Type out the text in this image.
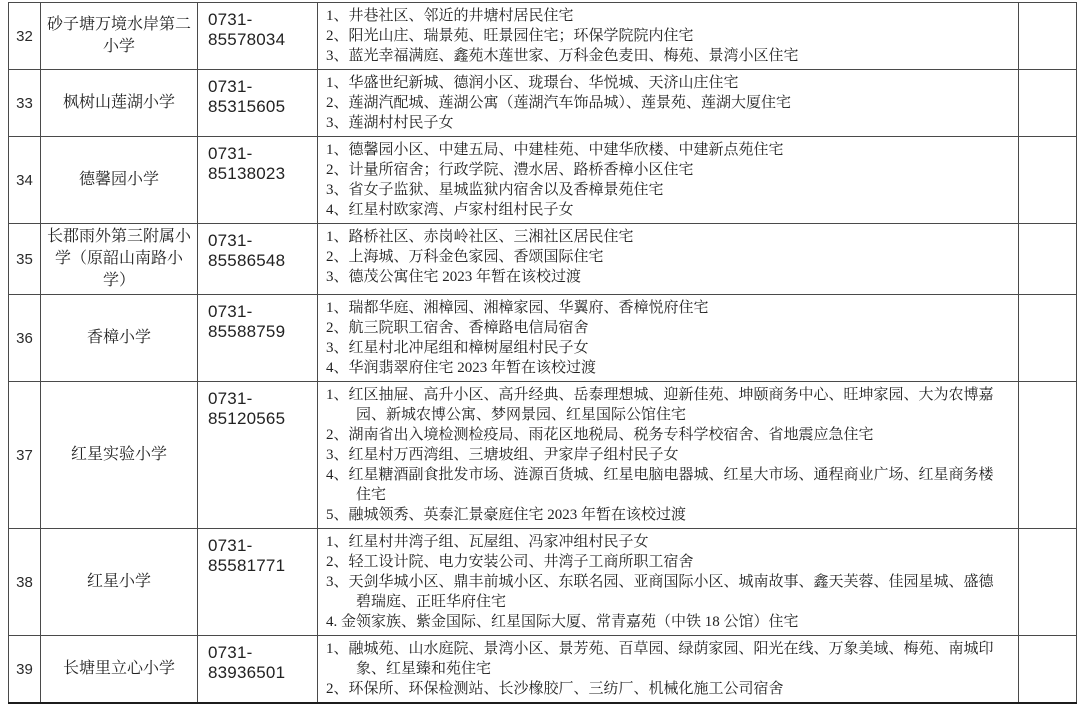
32	砂子塘万境水岸第二小学	0731-85578034	1、井巷社区、邻近的井塘村居民住宅
2、阳光山庄、瑞景苑、旺景园住宅；环保学院院内住宅
3、蓝光幸福满庭、鑫苑木莲世家、万科金色麦田、梅苑、景湾小区住宅	

33	枫树山莲湖小学	0731-85315605	1、华盛世纪新城、德润小区、珑璟台、华悦城、天济山庄住宅
2、莲湖汽配城、莲湖公寓（莲湖汽车饰品城）、莲景苑、莲湖大厦住宅
3、莲湖村村民子女	

34	德馨园小学	0731-85138023	1、德馨园小区、中建五局、中建桂苑、中建华欣楼、中建新点苑住宅
2、计量所宿舍；行政学院、澧水居、路桥香樟小区住宅
3、省女子监狱、星城监狱内宿舍以及香樟景苑住宅
4、红星村欧家湾、卢家村组村民子女	

35	长郡雨外第三附属小学（原韶山南路小学）	0731-85586548	1、路桥社区、赤岗岭社区、三湘社区居民住宅
2、上海城、万科金色家园、香颂国际住宅
3、德茂公寓住宅 2023 年暂在该校过渡	

36	香樟小学	0731-85588759	1、瑞都华庭、湘樟园、湘樟家园、华翼府、香樟悦府住宅
2、航三院职工宿舍、香樟路电信局宿舍
3、红星村北冲尾组和樟树屋组村民子女
4、华润翡翠府住宅 2023 年暂在该校过渡	

37	红星实验小学	0731-85120565	1、红区抽屉、高升小区、高升经典、岳泰理想城、迎新佳苑、坤颐商务中心、旺坤家园、大为农博嘉园、新城农博公寓、梦网景园、红星国际公馆住宅
2、湖南省出入境检测检疫局、雨花区地税局、税务专科学校宿舍、省地震应急住宅
3、红星村万西湾组、三塘坡组、尹家岸子组村民子女
4、红星糖酒副食批发市场、涟源百货城、红星电脑电器城、红星大市场、通程商业广场、红星商务楼住宅
5、融城领秀、英泰汇景豪庭住宅 2023 年暂在该校过渡	

38	红星小学	0731-85581771	1、红星村井湾子组、瓦屋组、冯家冲组村民子女
2、轻工设计院、电力安装公司、井湾子工商所职工宿舍
3、天剑华城小区、鼎丰前城小区、东联名园、亚商国际小区、城南故事、鑫天芙蓉、佳园星城、盛德碧瑞庭、正旺华府住宅
4. 金领家族、紫金国际、红星国际大厦、常青嘉苑（中铁 18 公馆）住宅	

39	长塘里立心小学	0731-83936501	1、融城苑、山水庭院、景湾小区、景芳苑、百草园、绿荫家园、阳光在线、万象美域、梅苑、南城印象、红星臻和苑住宅
2、环保所、环保检测站、长沙橡胶厂、三纺厂、机械化施工公司宿舍	
